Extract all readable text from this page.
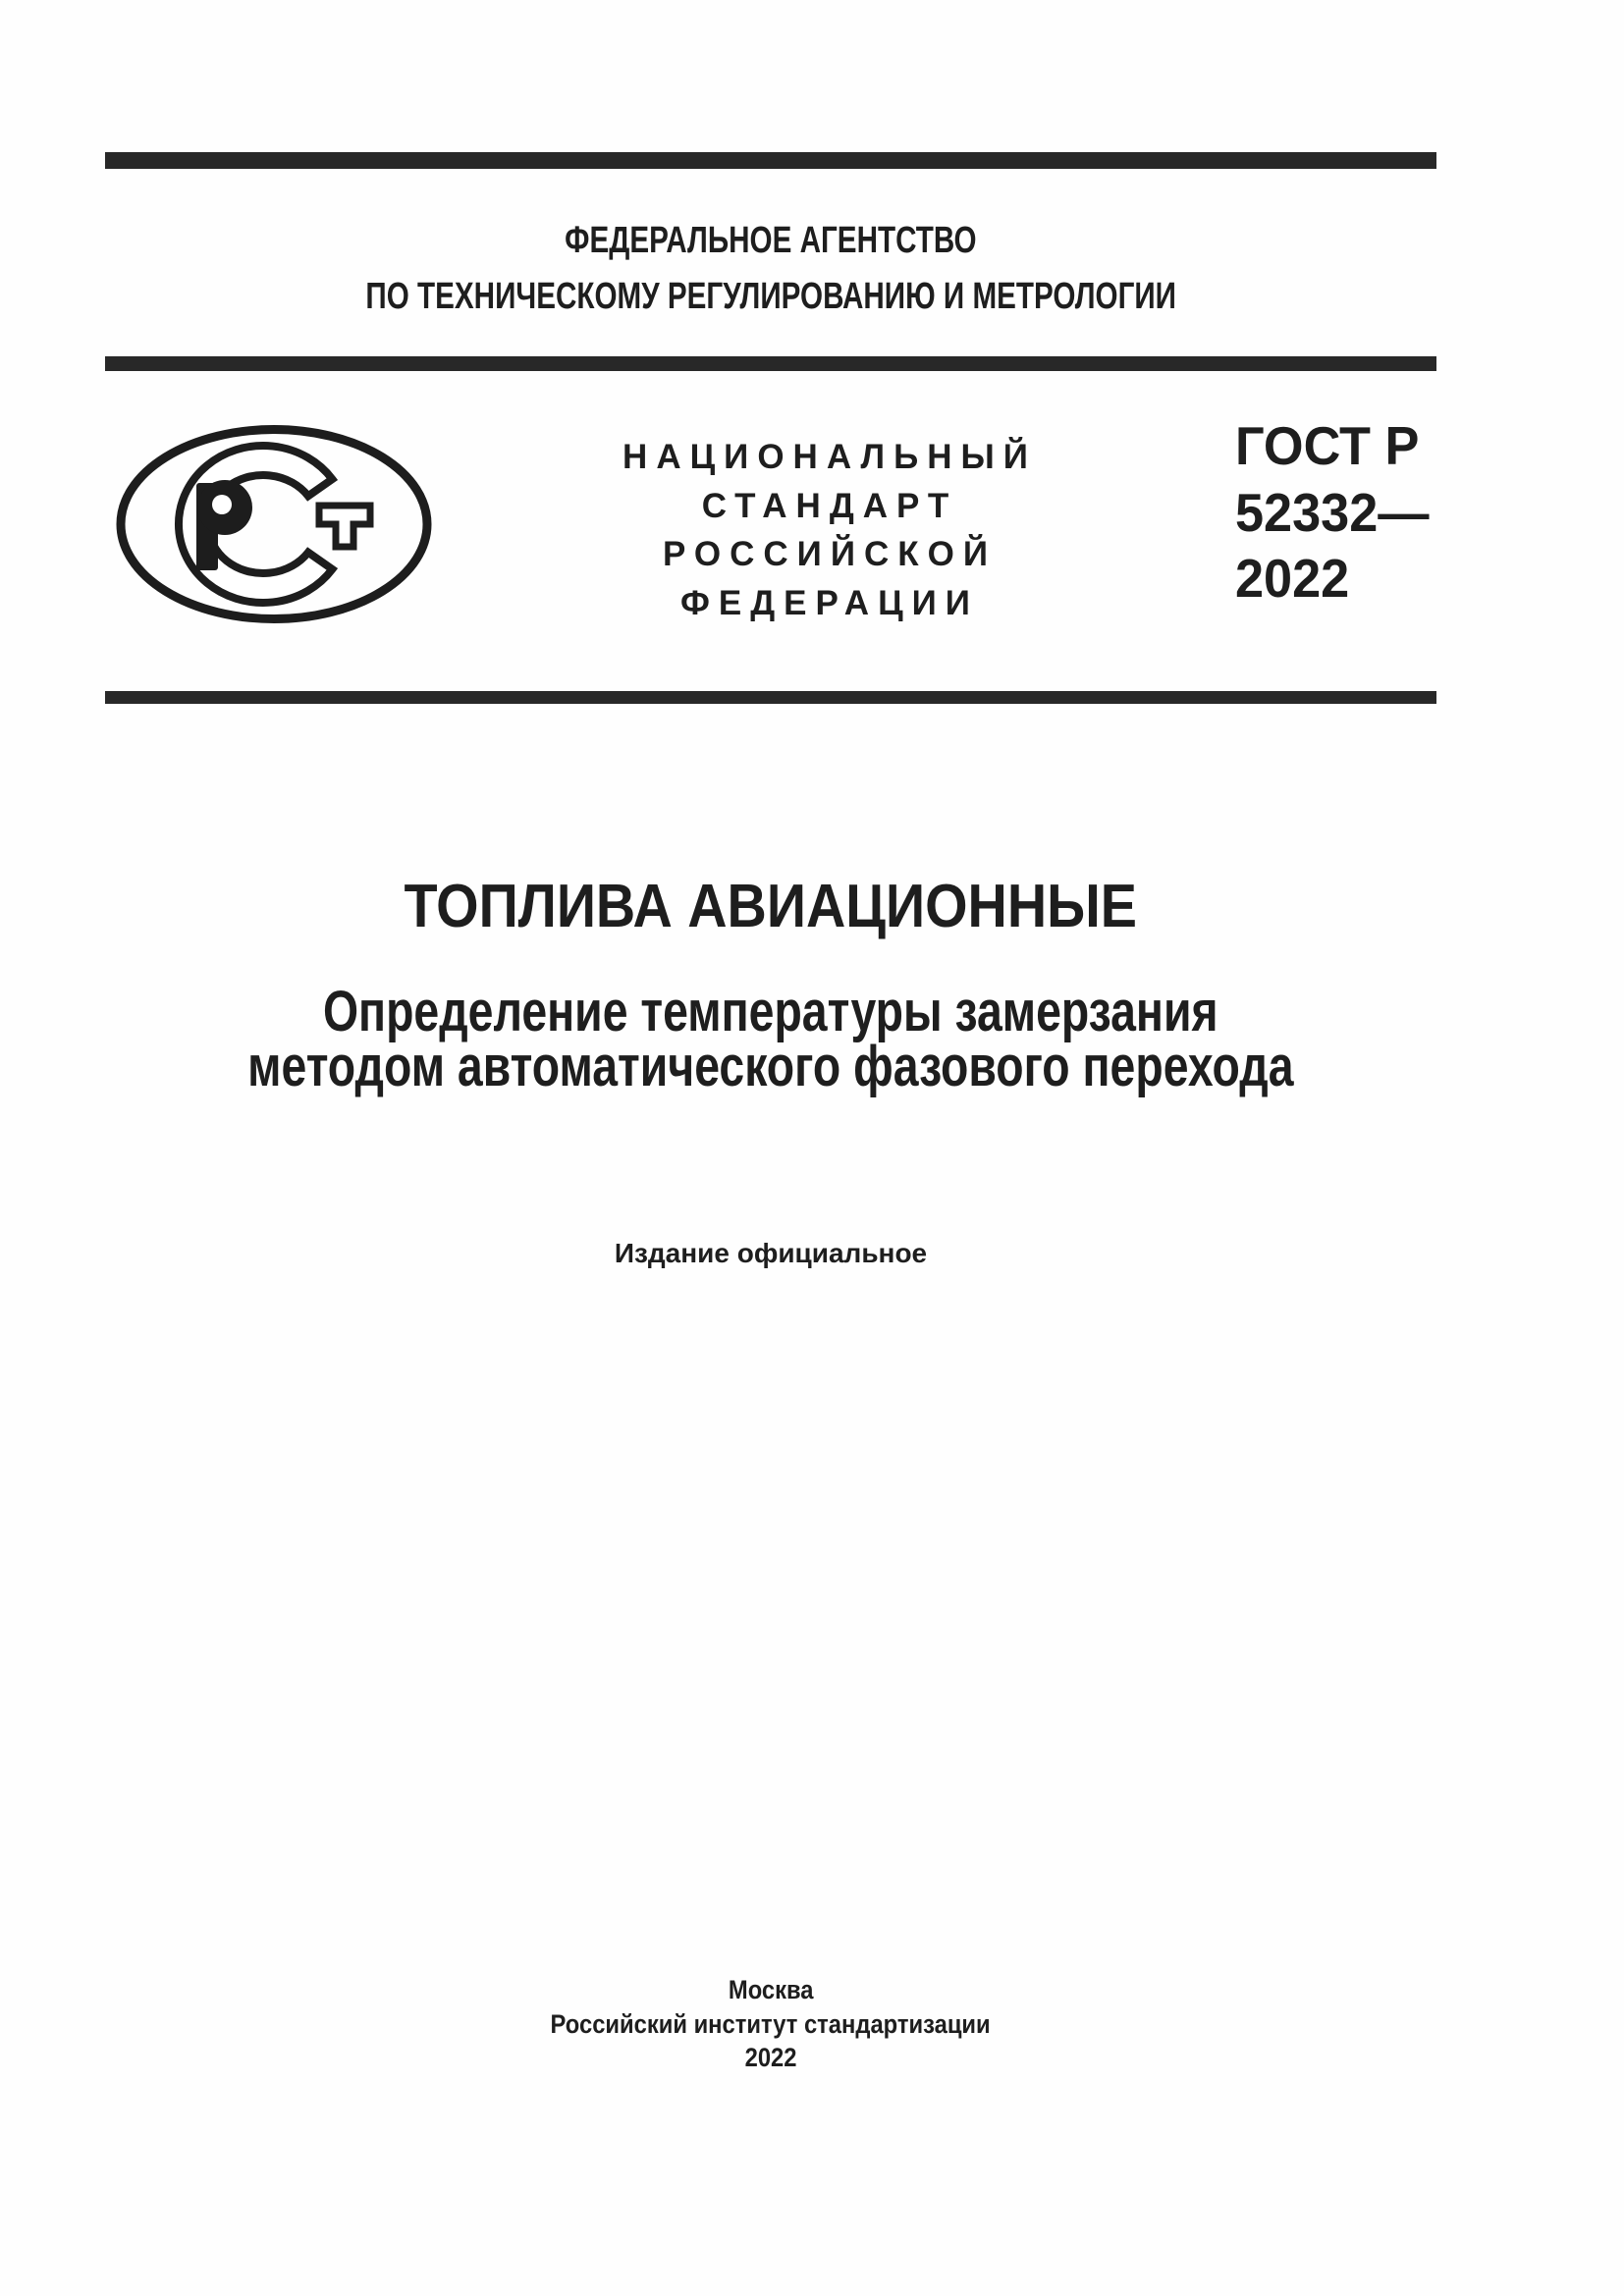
ФЕДЕРАЛЬНОЕ АГЕНТСТВО
ПО ТЕХНИЧЕСКОМУ РЕГУЛИРОВАНИЮ И МЕТРОЛОГИИ
НАЦИОНАЛЬНЫЙ
СТАНДАРТ
РОССИЙСКОЙ
ФЕДЕРАЦИИ
ГОСТ Р
52332—
2022
ТОПЛИВА АВИАЦИОННЫЕ
Определение температуры замерзания
методом автоматического фазового перехода
Издание официальное
Москва
Российский институт стандартизации
2022
